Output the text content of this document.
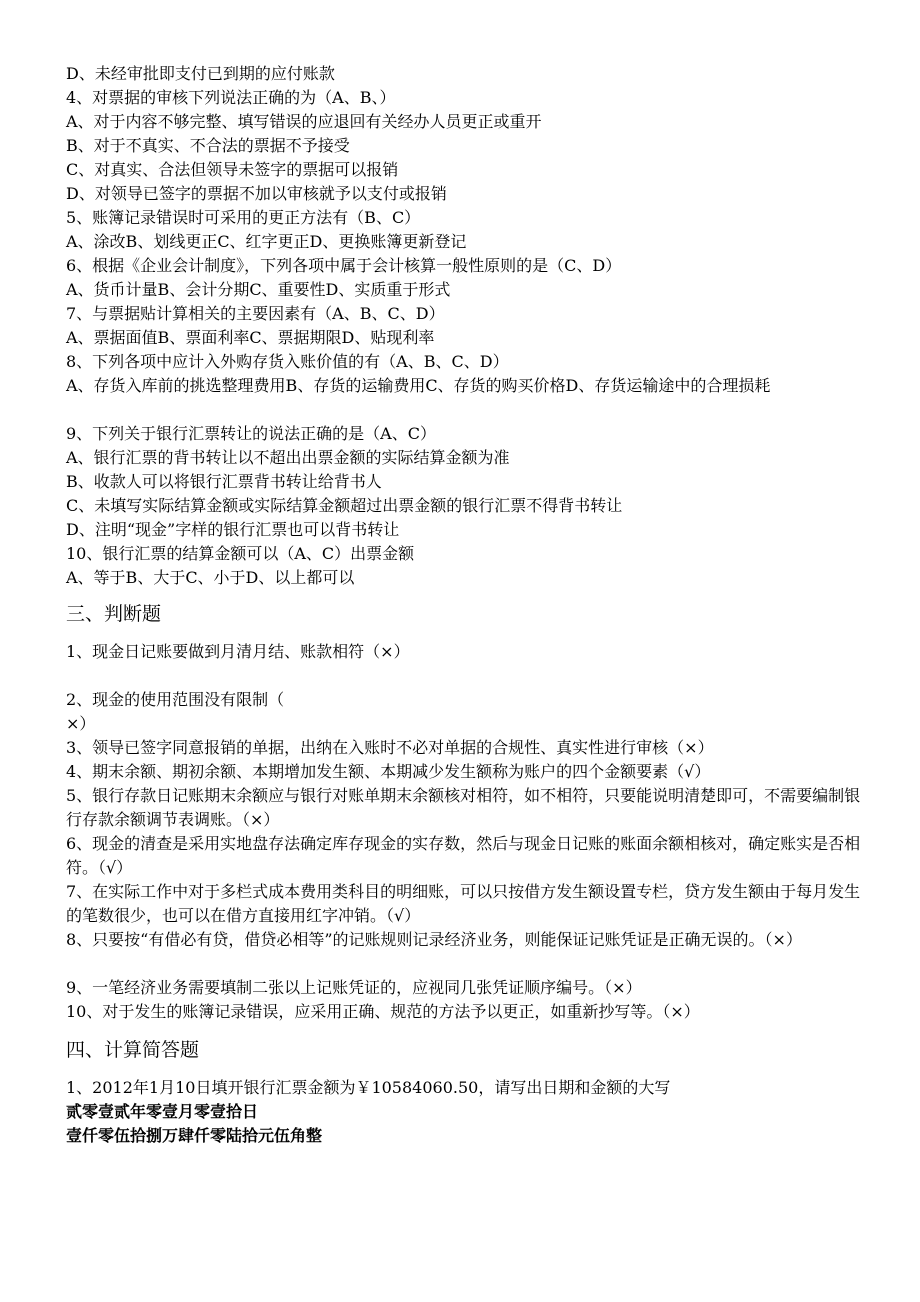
D、未经审批即支付已到期的应付账款
4、对票据的审核下列说法正确的为（A、B、）
A、对于内容不够完整、填写错误的应退回有关经办人员更正或重开
B、对于不真实、不合法的票据不予接受
C、对真实、合法但领导未签字的票据可以报销
D、对领导已签字的票据不加以审核就予以支付或报销
5、账簿记录错误时可采用的更正方法有（B、C）
A、涂改B、划线更正C、红字更正D、更换账簿更新登记
6、根据《企业会计制度》，下列各项中属于会计核算一般性原则的是（C、D）
A、货币计量B、会计分期C、重要性D、实质重于形式
7、与票据贴计算相关的主要因素有（A、B、C、D）
A、票据面值B、票面利率C、票据期限D、贴现利率
8、下列各项中应计入外购存货入账价值的有（A、B、C、D）
A、存货入库前的挑选整理费用B、存货的运输费用C、存货的购买价格D、存货运输途中的合理损耗
9、下列关于银行汇票转让的说法正确的是（A、C）
A、银行汇票的背书转让以不超出出票金额的实际结算金额为准
B、收款人可以将银行汇票背书转让给背书人
C、未填写实际结算金额或实际结算金额超过出票金额的银行汇票不得背书转让
D、注明“现金”字样的银行汇票也可以背书转让
10、银行汇票的结算金额可以（A、C）出票金额
A、等于B、大于C、小于D、以上都可以
三、判断题
1、现金日记账要做到月清月结、账款相符（×）
2、现金的使用范围没有限制（
×）
3、领导已签字同意报销的单据，出纳在入账时不必对单据的合规性、真实性进行审核（×）
4、期末余额、期初余额、本期增加发生额、本期减少发生额称为账户的四个金额要素（√）
5、银行存款日记账期末余额应与银行对账单期末余额核对相符，如不相符，只要能说明清楚即可，不需要编制银行存款余额调节表调账。（×）
6、现金的清查是采用实地盘存法确定库存现金的实存数，然后与现金日记账的账面余额相核对，确定账实是否相符。（√）
7、在实际工作中对于多栏式成本费用类科目的明细账，可以只按借方发生额设置专栏，贷方发生额由于每月发生的笔数很少，也可以在借方直接用红字冲销。（√）
8、只要按“有借必有贷，借贷必相等”的记账规则记录经济业务，则能保证记账凭证是正确无误的。（×）
9、一笔经济业务需要填制二张以上记账凭证的，应视同几张凭证顺序编号。（×）
10、对于发生的账簿记录错误，应采用正确、规范的方法予以更正，如重新抄写等。（×）
四、计算简答题
1、2012年1月10日填开银行汇票金额为￥10584060.50，请写出日期和金额的大写
贰零壹贰年零壹月零壹拾日
壹仟零伍拾捌万肆仟零陆拾元伍角整
